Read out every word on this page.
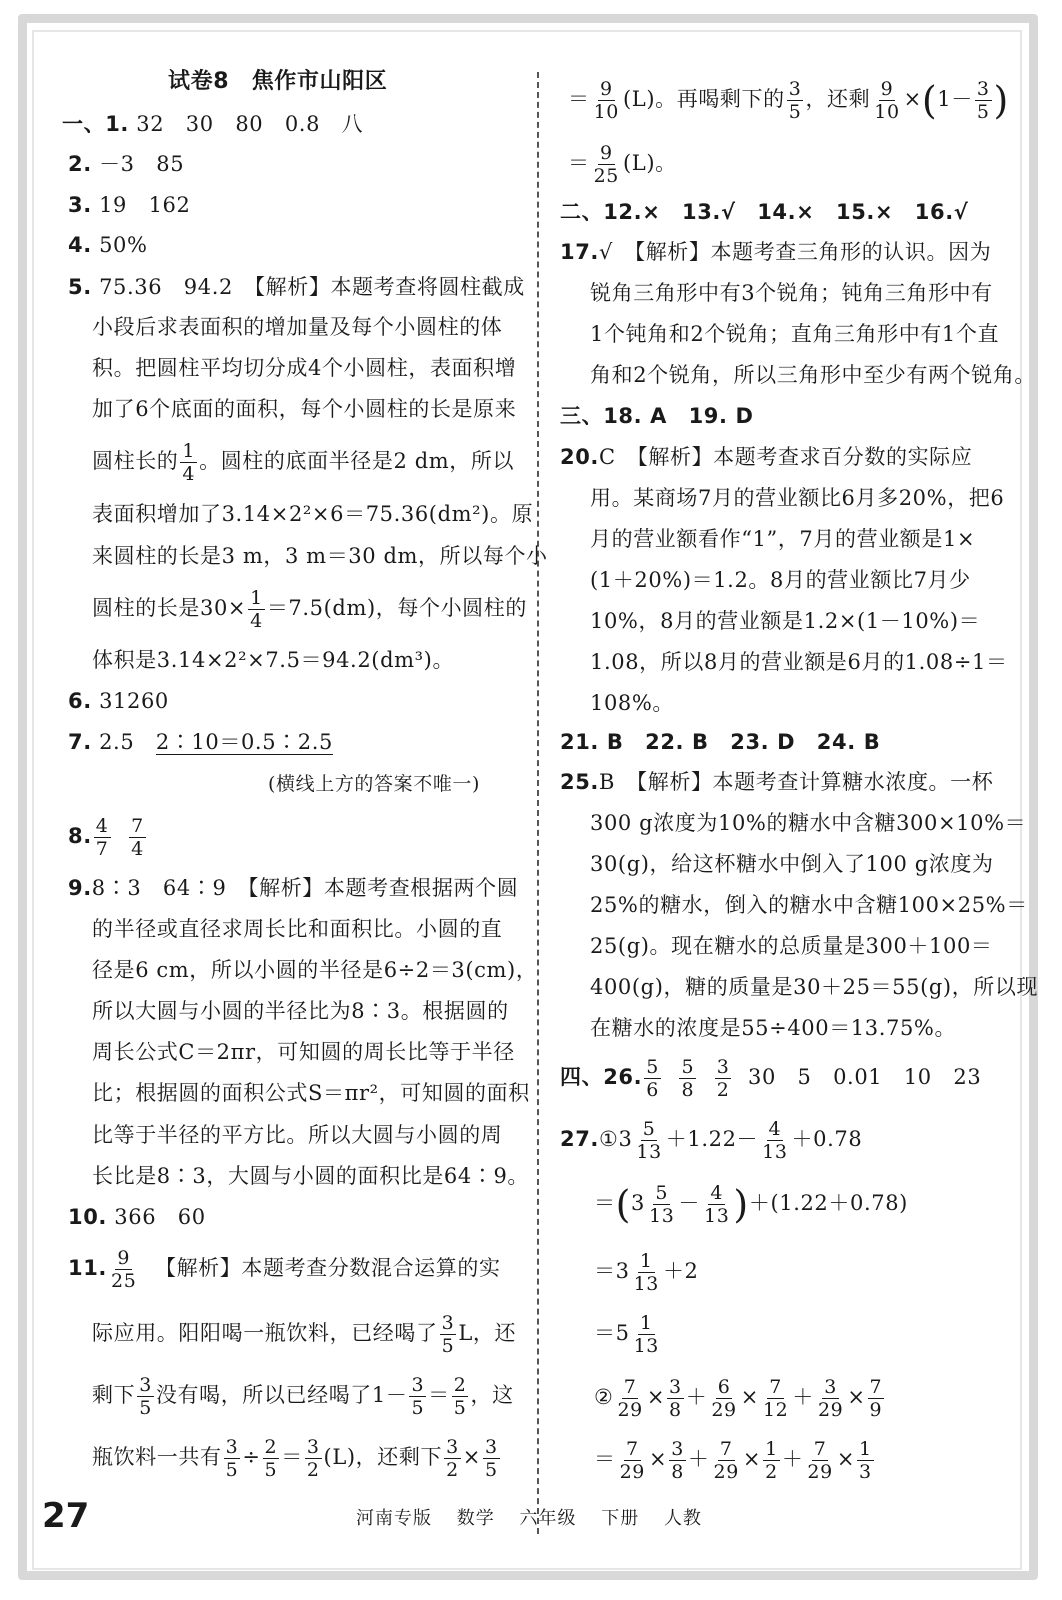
试卷8　焦作市山阳区
一、1. 32　30　80　0.8　八
2. －3　85
3. 19　162
4. 50%
5. 75.36　94.2　【解析】本题考查将圆柱截成
小段后求表面积的增加量及每个小圆柱的体
积。把圆柱平均切分成4个小圆柱，表面积增
加了6个底面的面积，每个小圆柱的长是原来
圆柱长的 $\frac{1}{4}$ 。圆柱的底面半径是2 dm，所以
表面积增加了3.14×2²×6＝75.36(dm²)。原
来圆柱的长是3 m，3 m＝30 dm，所以每个小
圆柱的长是$30\times \frac{1}{4} =7.5(dm)$，每个小圆柱的
体积是3.14×2²×7.5＝94.2(dm³)。
6. 31260
7. 2.5　2∶10＝0.5∶2.5
(横线上方的答案不唯一)
8. $\frac{4}{7}$
$\frac{7}{4}$
9.8∶3　64∶9　【解析】本题考查根据两个圆
的半径或直径求周长比和面积比。小圆的直
径是6 cm，所以小圆的半径是6÷2＝3(cm)，
所以大圆与小圆的半径比为8∶3。根据圆的
周长公式C＝2πr，可知圆的周长比等于半径
比；根据圆的面积公式S＝πr²，可知圆的面积
比等于半径的平方比。所以大圆与小圆的周
长比是8∶3，大圆与小圆的面积比是64∶9。
10. 366　60
11. $\frac{9}{25}$ 【解析】本题考查分数混合运算的实
际应用。阳阳喝一瓶饮料，已经喝了 $\frac{3}{5}$ L，还
剩下 $\frac{3}{5}$ 没有喝，所以已经喝了$1- \frac{3}{5} = \frac{2}{5}$ ，这
瓶饮料一共有 $\frac{3}{5} \div \frac{2}{5} = \frac{3}{2} (L)$，还剩下 $\frac{3}{2} \times \frac{3}{5}$
＝ $\frac{9}{10} (L)$。再喝剩下的 $\frac{3}{5}$ ，还剩 $\frac{9}{10} \times(1- \frac{3}{5}$ )
＝ $\frac{9}{25} (L)$。
二、12.×　13.√　14.×　15.×　16.√
17.√　【解析】本题考查三角形的认识。因为
锐角三角形中有3个锐角；钝角三角形中有
1个钝角和2个锐角；直角三角形中有1个直
角和2个锐角，所以三角形中至少有两个锐角。
三、18. A　19. D
20.C　【解析】本题考查求百分数的实际应
用。某商场7月的营业额比6月多20%，把6
月的营业额看作“1”，7月的营业额是1×
(1＋20%)＝1.2。8月的营业额比7月少
10%，8月的营业额是1.2×(1－10%)＝
1.08，所以8月的营业额是6月的1.08÷1＝
108%。
21. B　22. B　23. D　24. B
25.B　【解析】本题考查计算糖水浓度。一杯
300 g浓度为10%的糖水中含糖300×10%＝
30(g)，给这杯糖水中倒入了100 g浓度为
25%的糖水，倒入的糖水中含糖100×25%＝
25(g)。现在糖水的总质量是300＋100＝
400(g)，糖的质量是30＋25＝55(g)，所以现
在糖水的浓度是55÷400＝13.75%。
四、26. $\frac{5}{6}$
$\frac{5}{8}$
$\frac{3}{2} 30$　5　0.01　10　23
27.①3 $\frac{5}{13} +1.22- \frac{4}{13} +0.78$
$=(3 \frac{5}{13} - \frac{4}{13} )+(1.22+0.78)$
$=3 \frac{1}{13} +2$
$=5 \frac{1}{13}$
② $\frac{7}{29} \times \frac{3}{8} + \frac{6}{29} \times \frac{7}{12} + \frac{3}{29} \times \frac{7}{9}$
＝ $\frac{7}{29} \times \frac{3}{8} + \frac{7}{29} \times \frac{1}{2} + \frac{7}{29} \times \frac{1}{3}$
27	河南专版 数学 六年级 下册 人教
